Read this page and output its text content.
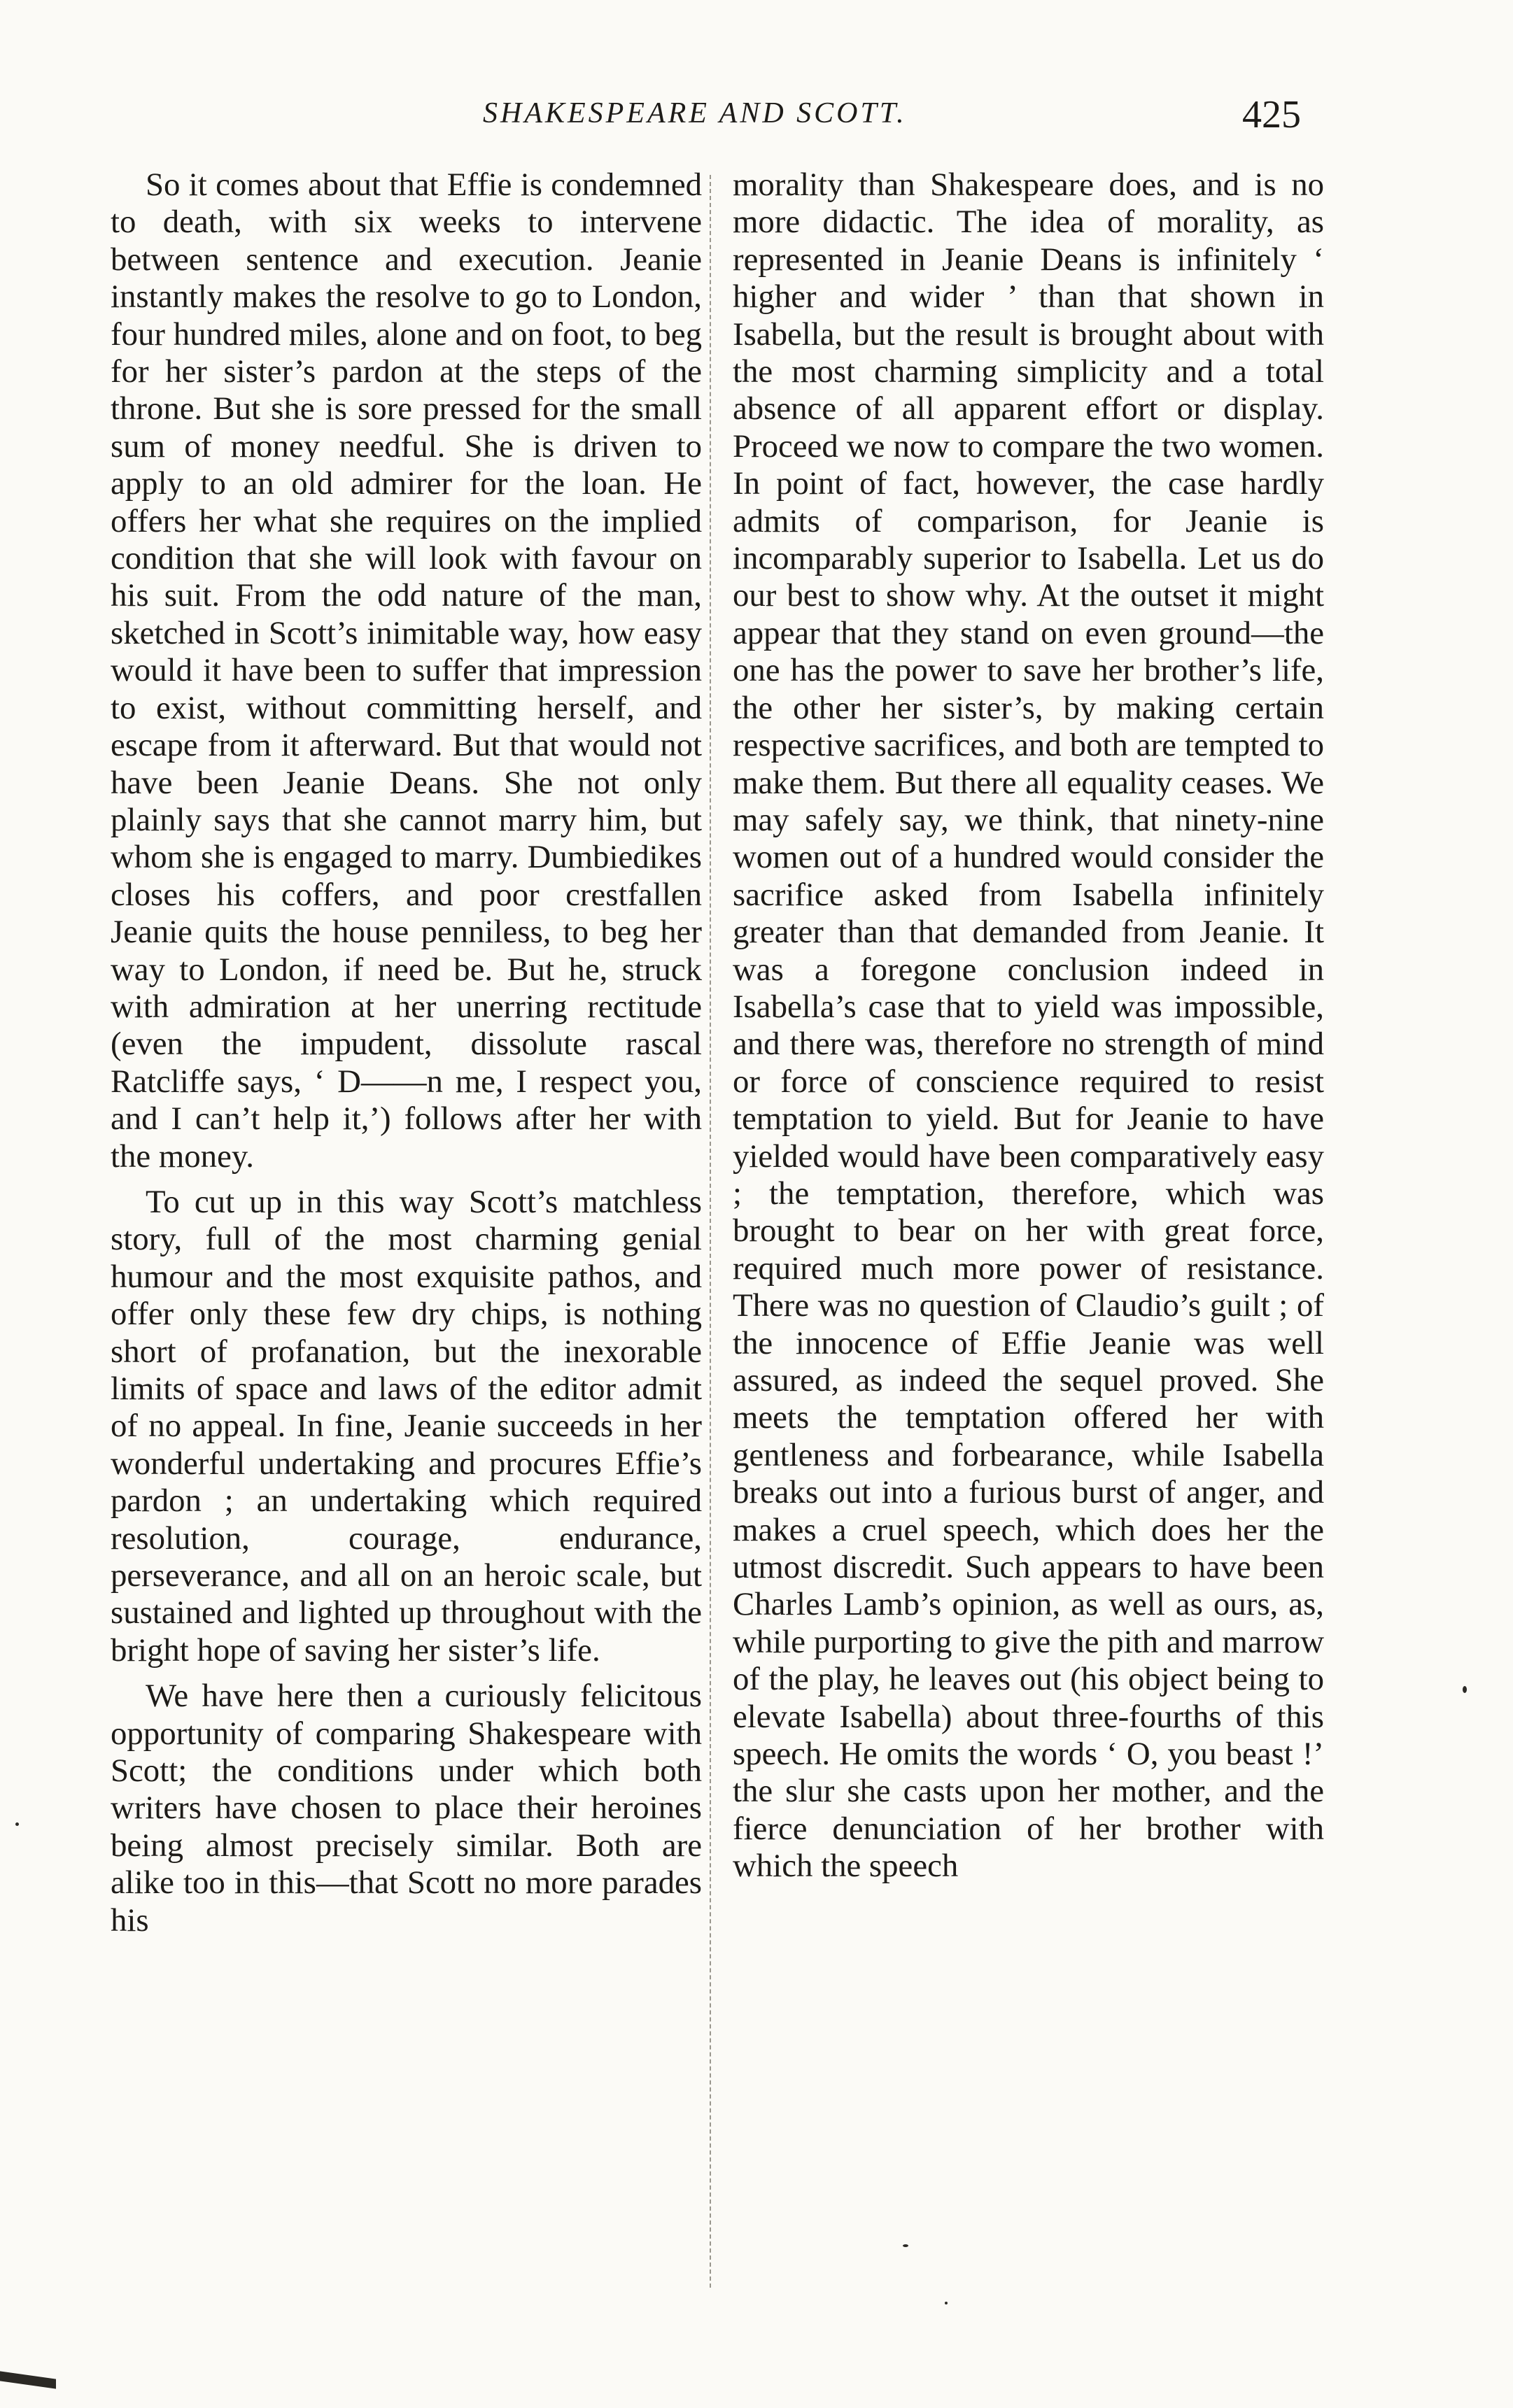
SHAKESPEARE AND SCOTT.	425

So it comes about that Effie is condemned to death, with six weeks to intervene between sentence and execution. Jeanie instantly makes the resolve to go to London, four hundred miles, alone and on foot, to beg for her sister’s pardon at the steps of the throne. But she is sore pressed for the small sum of money needful. She is driven to apply to an old admirer for the loan. He offers her what she requires on the implied condition that she will look with favour on his suit. From the odd nature of the man, sketched in Scott’s inimitable way, how easy would it have been to suffer that impression to exist, without committing herself, and escape from it afterward. But that would not have been Jeanie Deans. She not only plainly says that she cannot marry him, but whom she is engaged to marry. Dumbiedikes closes his coffers, and poor crestfallen Jeanie quits the house penniless, to beg her way to London, if need be. But he, struck with admiration at her unerring rectitude (even the impudent, dissolute rascal Ratcliffe says, ‘ D——n me, I respect you, and I can’t help it,’) follows after her with the money.

To cut up in this way Scott’s matchless story, full of the most charming genial humour and the most exquisite pathos, and offer only these few dry chips, is nothing short of profanation, but the inexorable limits of space and laws of the editor admit of no appeal. In fine, Jeanie succeeds in her wonderful undertaking and procures Effie’s pardon ; an undertaking which required resolution, courage, endurance, perseverance, and all on an heroic scale, but sustained and lighted up throughout with the bright hope of saving her sister’s life.

We have here then a curiously felicitous opportunity of comparing Shakespeare with Scott; the conditions under which both writers have chosen to place their heroines being almost precisely similar. Both are alike too in this—that Scott no more parades his

morality than Shakespeare does, and is no more didactic. The idea of morality, as represented in Jeanie Deans is infinitely ‘ higher and wider ’ than that shown in Isabella, but the result is brought about with the most charming simplicity and a total absence of all apparent effort or display. Proceed we now to compare the two women. In point of fact, however, the case hardly admits of comparison, for Jeanie is incomparably superior to Isabella. Let us do our best to show why. At the outset it might appear that they stand on even ground—the one has the power to save her brother’s life, the other her sister’s, by making certain respective sacrifices, and both are tempted to make them. But there all equality ceases. We may safely say, we think, that ninety-nine women out of a hundred would consider the sacrifice asked from Isabella infinitely greater than that demanded from Jeanie. It was a foregone conclusion indeed in Isabella’s case that to yield was impossible, and there was, therefore no strength of mind or force of conscience required to resist temptation to yield. But for Jeanie to have yielded would have been comparatively easy ; the temptation, therefore, which was brought to bear on her with great force, required much more power of resistance. There was no question of Claudio’s guilt ; of the innocence of Effie Jeanie was well assured, as indeed the sequel proved. She meets the temptation offered her with gentleness and forbearance, while Isabella breaks out into a furious burst of anger, and makes a cruel speech, which does her the utmost discredit. Such appears to have been Charles Lamb’s opinion, as well as ours, as, while purporting to give the pith and marrow of the play, he leaves out (his object being to elevate Isabella) about three-fourths of this speech. He omits the words ‘ O, you beast !’ the slur she casts upon her mother, and the fierce denunciation of her brother with which the speech
